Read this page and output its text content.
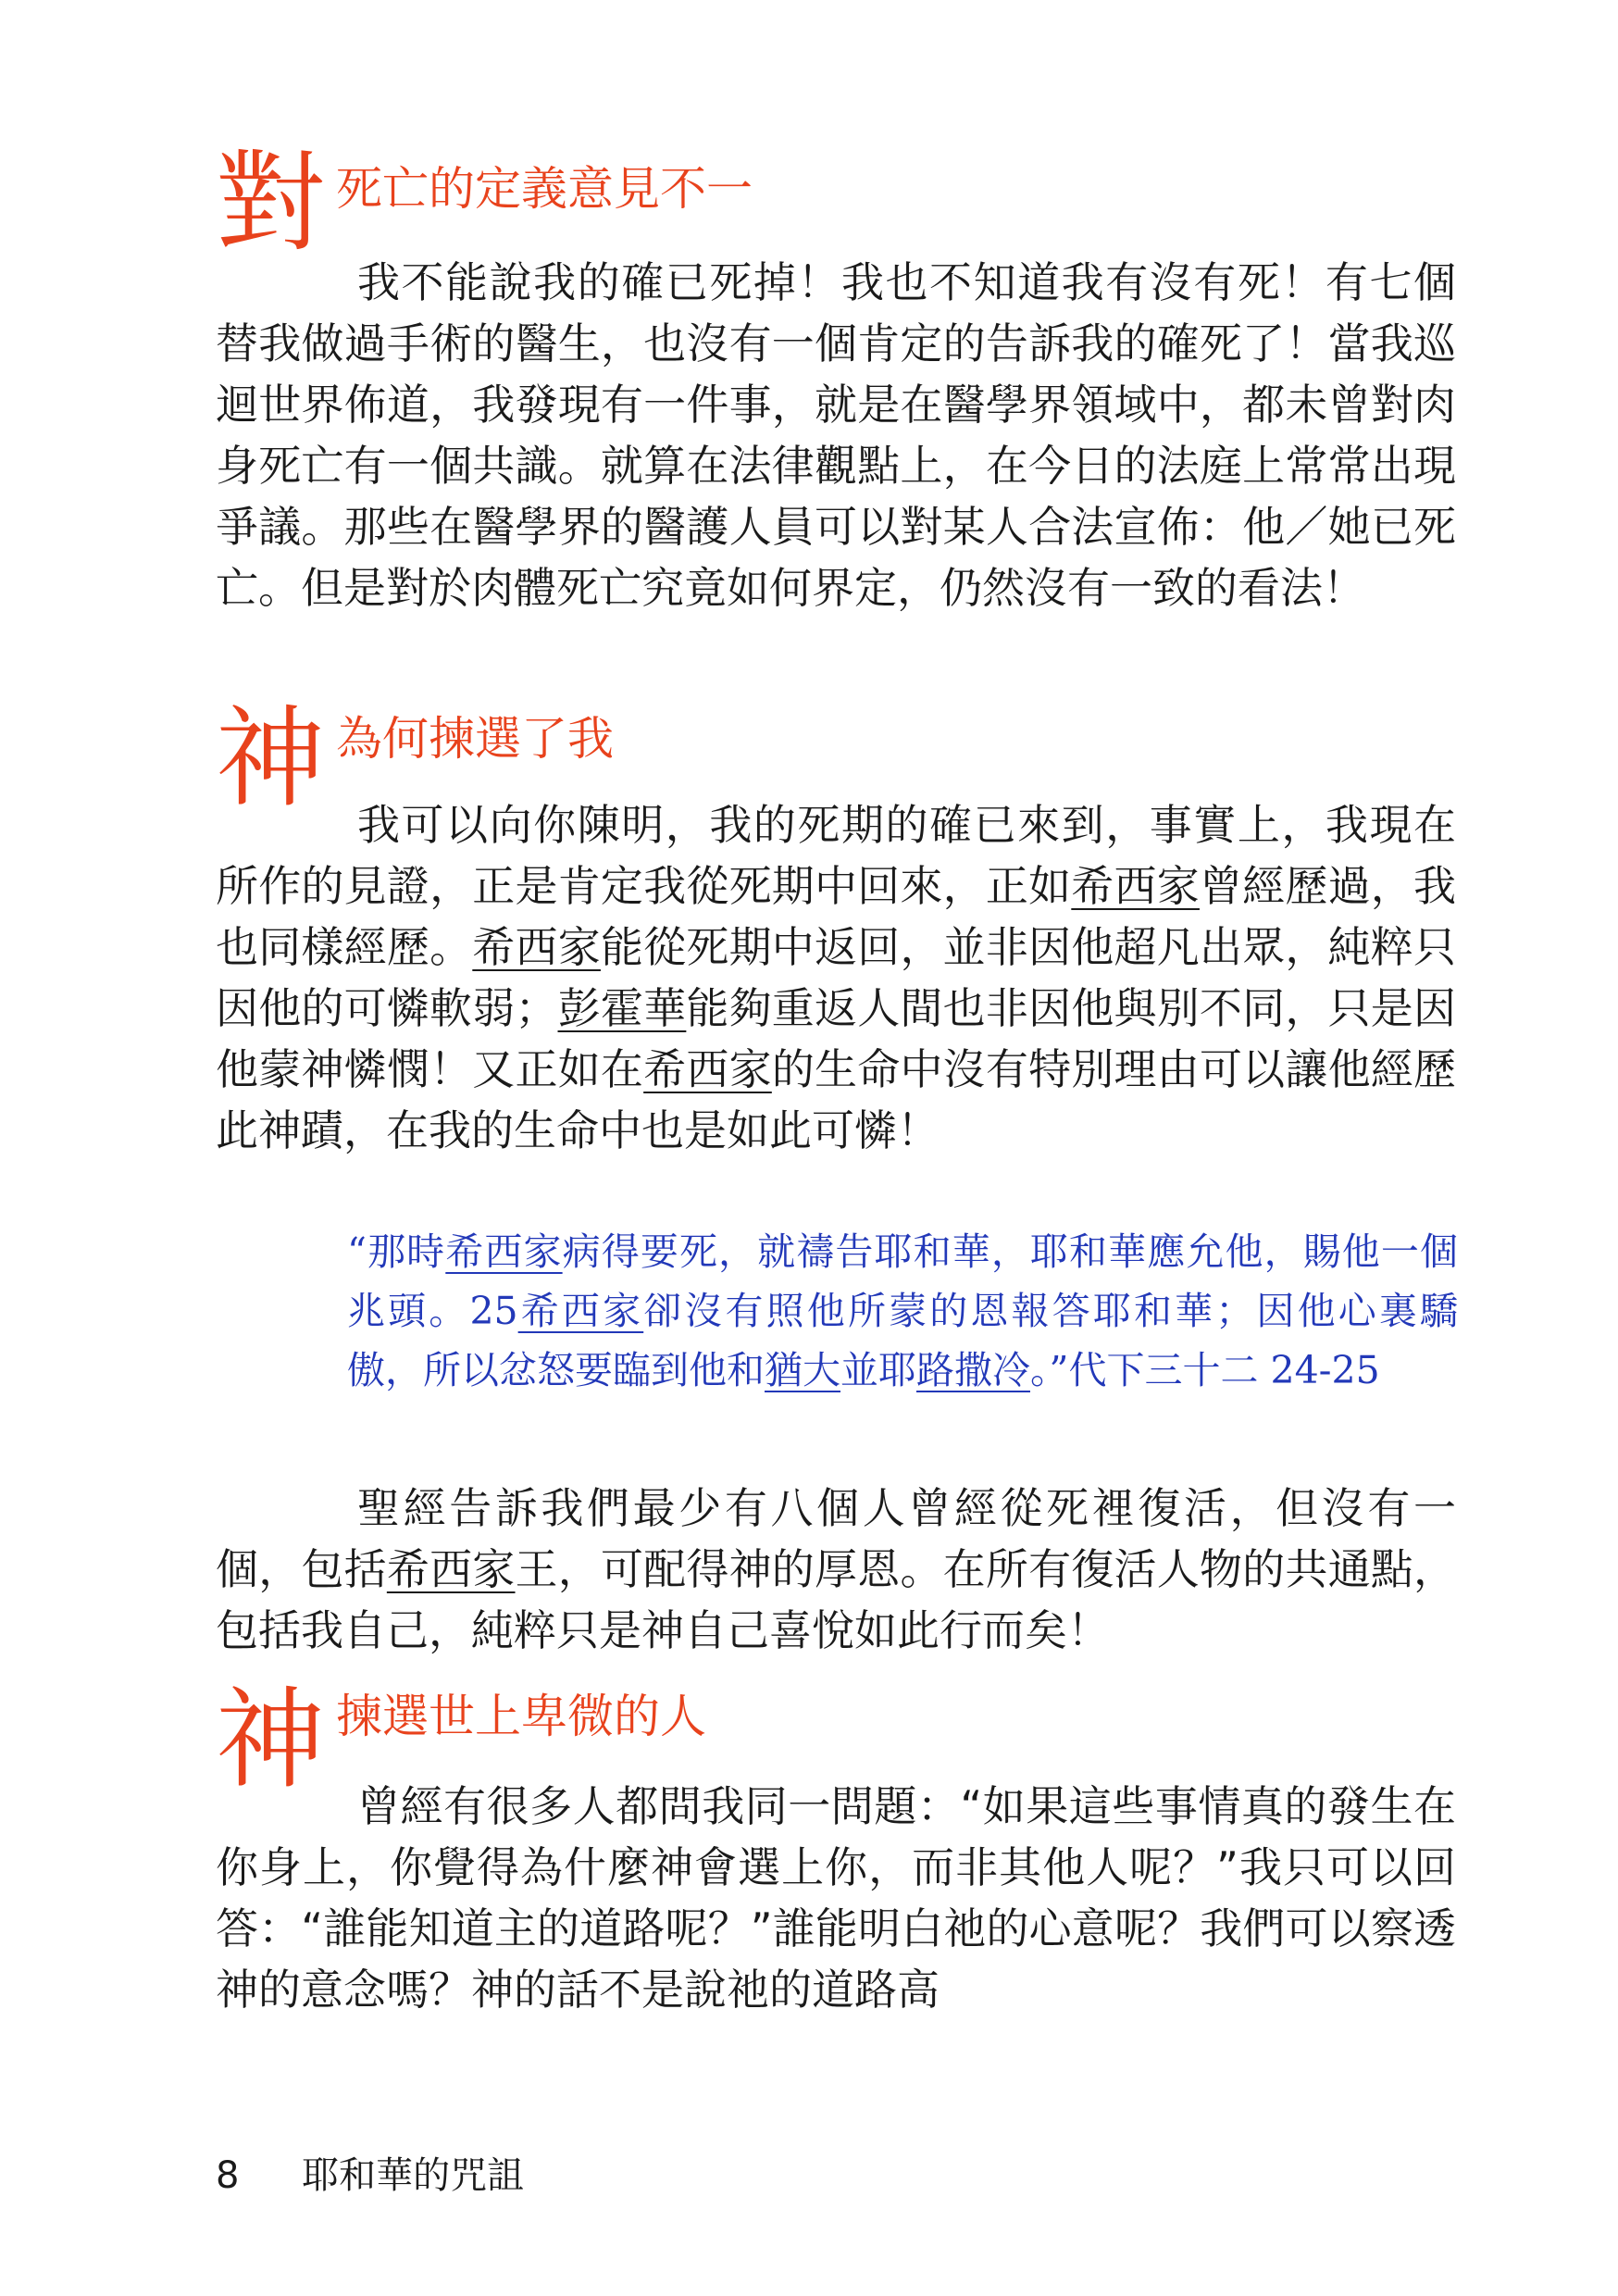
對 死亡的定義意見不一

我不能說我的確已死掉！我也不知道我有沒有死！有七個替我做過手術的醫生，也沒有一個肯定的告訴我的確死了！當我巡迴世界佈道，我發現有一件事，就是在醫學界領域中，都未曾對肉身死亡有一個共識。就算在法律觀點上，在今日的法庭上常常出現爭議。那些在醫學界的醫護人員可以對某人合法宣佈：他／她已死亡。但是對於肉體死亡究竟如何界定，仍然沒有一致的看法！

神 為何揀選了我

我可以向你陳明，我的死期的確已來到，事實上，我現在所作的見證，正是肯定我從死期中回來，正如希西家曾經歷過，我也同樣經歷。希西家能從死期中返回，並非因他超凡出眾，純粹只因他的可憐軟弱；彭霍華能夠重返人間也非因他與別不同，只是因他蒙神憐憫！又正如在希西家的生命中沒有特別理由可以讓他經歷此神蹟，在我的生命中也是如此可憐！

“那時希西家病得要死，就禱告耶和華，耶和華應允他，賜他一個兆頭。25希西家卻沒有照他所蒙的恩報答耶和華；因他心裏驕傲，所以忿怒要臨到他和猶大並耶路撒冷。”代下三十二 24-25

聖經告訴我們最少有八個人曾經從死裡復活，但沒有一個，包括希西家王，可配得神的厚恩。在所有復活人物的共通點，包括我自己，純粹只是神自己喜悅如此行而矣！

神 揀選世上卑微的人

曾經有很多人都問我同一問題：“如果這些事情真的發生在你身上，你覺得為什麼神會選上你，而非其他人呢？”我只可以回答：“誰能知道主的道路呢？”誰能明白祂的心意呢？我們可以察透神的意念嗎？神的話不是說祂的道路高

8 耶和華的咒詛
